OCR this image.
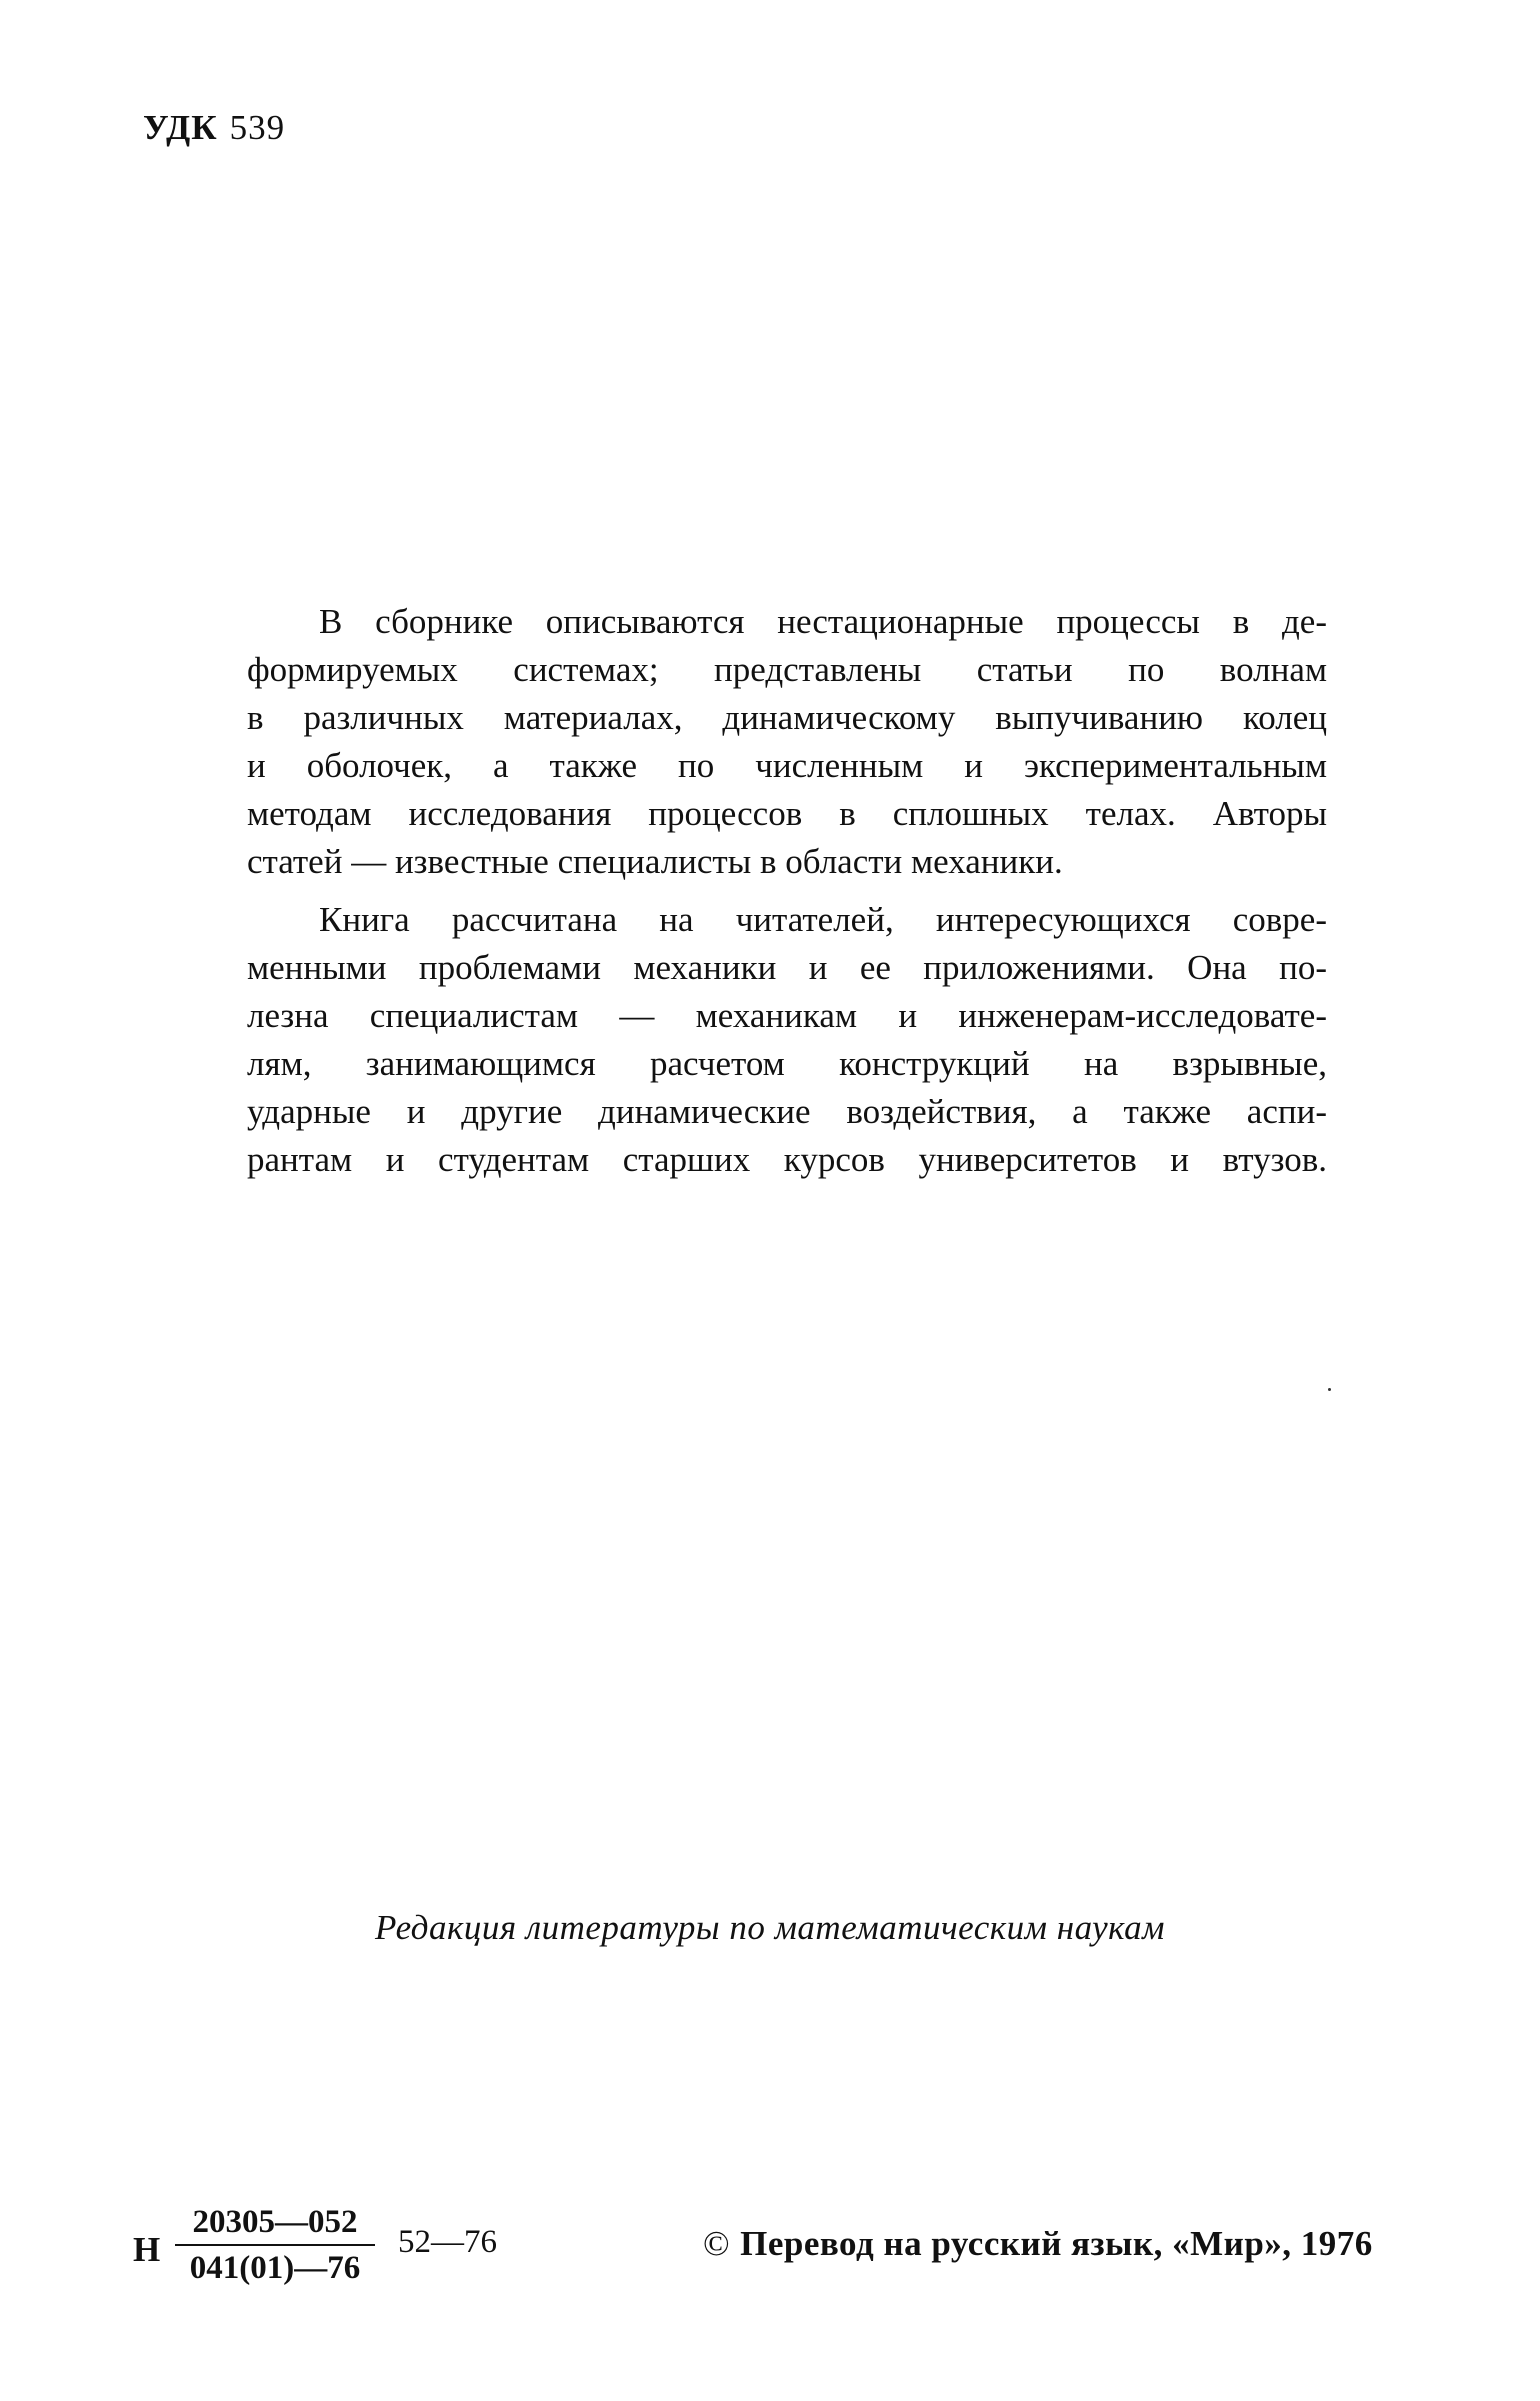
УДК 539
В сборнике описываются нестационарные процессы в де-
формируемых системах; представлены статьи по волнам
в различных материалах, динамическому выпучиванию колец
и оболочек, а также по численным и экспериментальным
методам исследования процессов в сплошных телах. Авторы
статей — известные специалисты в области механики.
Книга рассчитана на читателей, интересующихся совре-
менными проблемами механики и ее приложениями. Она по-
лезна специалистам — механикам и инженерам-исследовате-
лям, занимающимся расчетом конструкций на взрывные,
ударные и другие динамические воздействия, а также аспи-
рантам и студентам старших курсов университетов и втузов.
Редакция литературы по математическим наукам
Н
20305—052
041(01)—76
52—76	© Перевод на русский язык, «Мир», 1976
